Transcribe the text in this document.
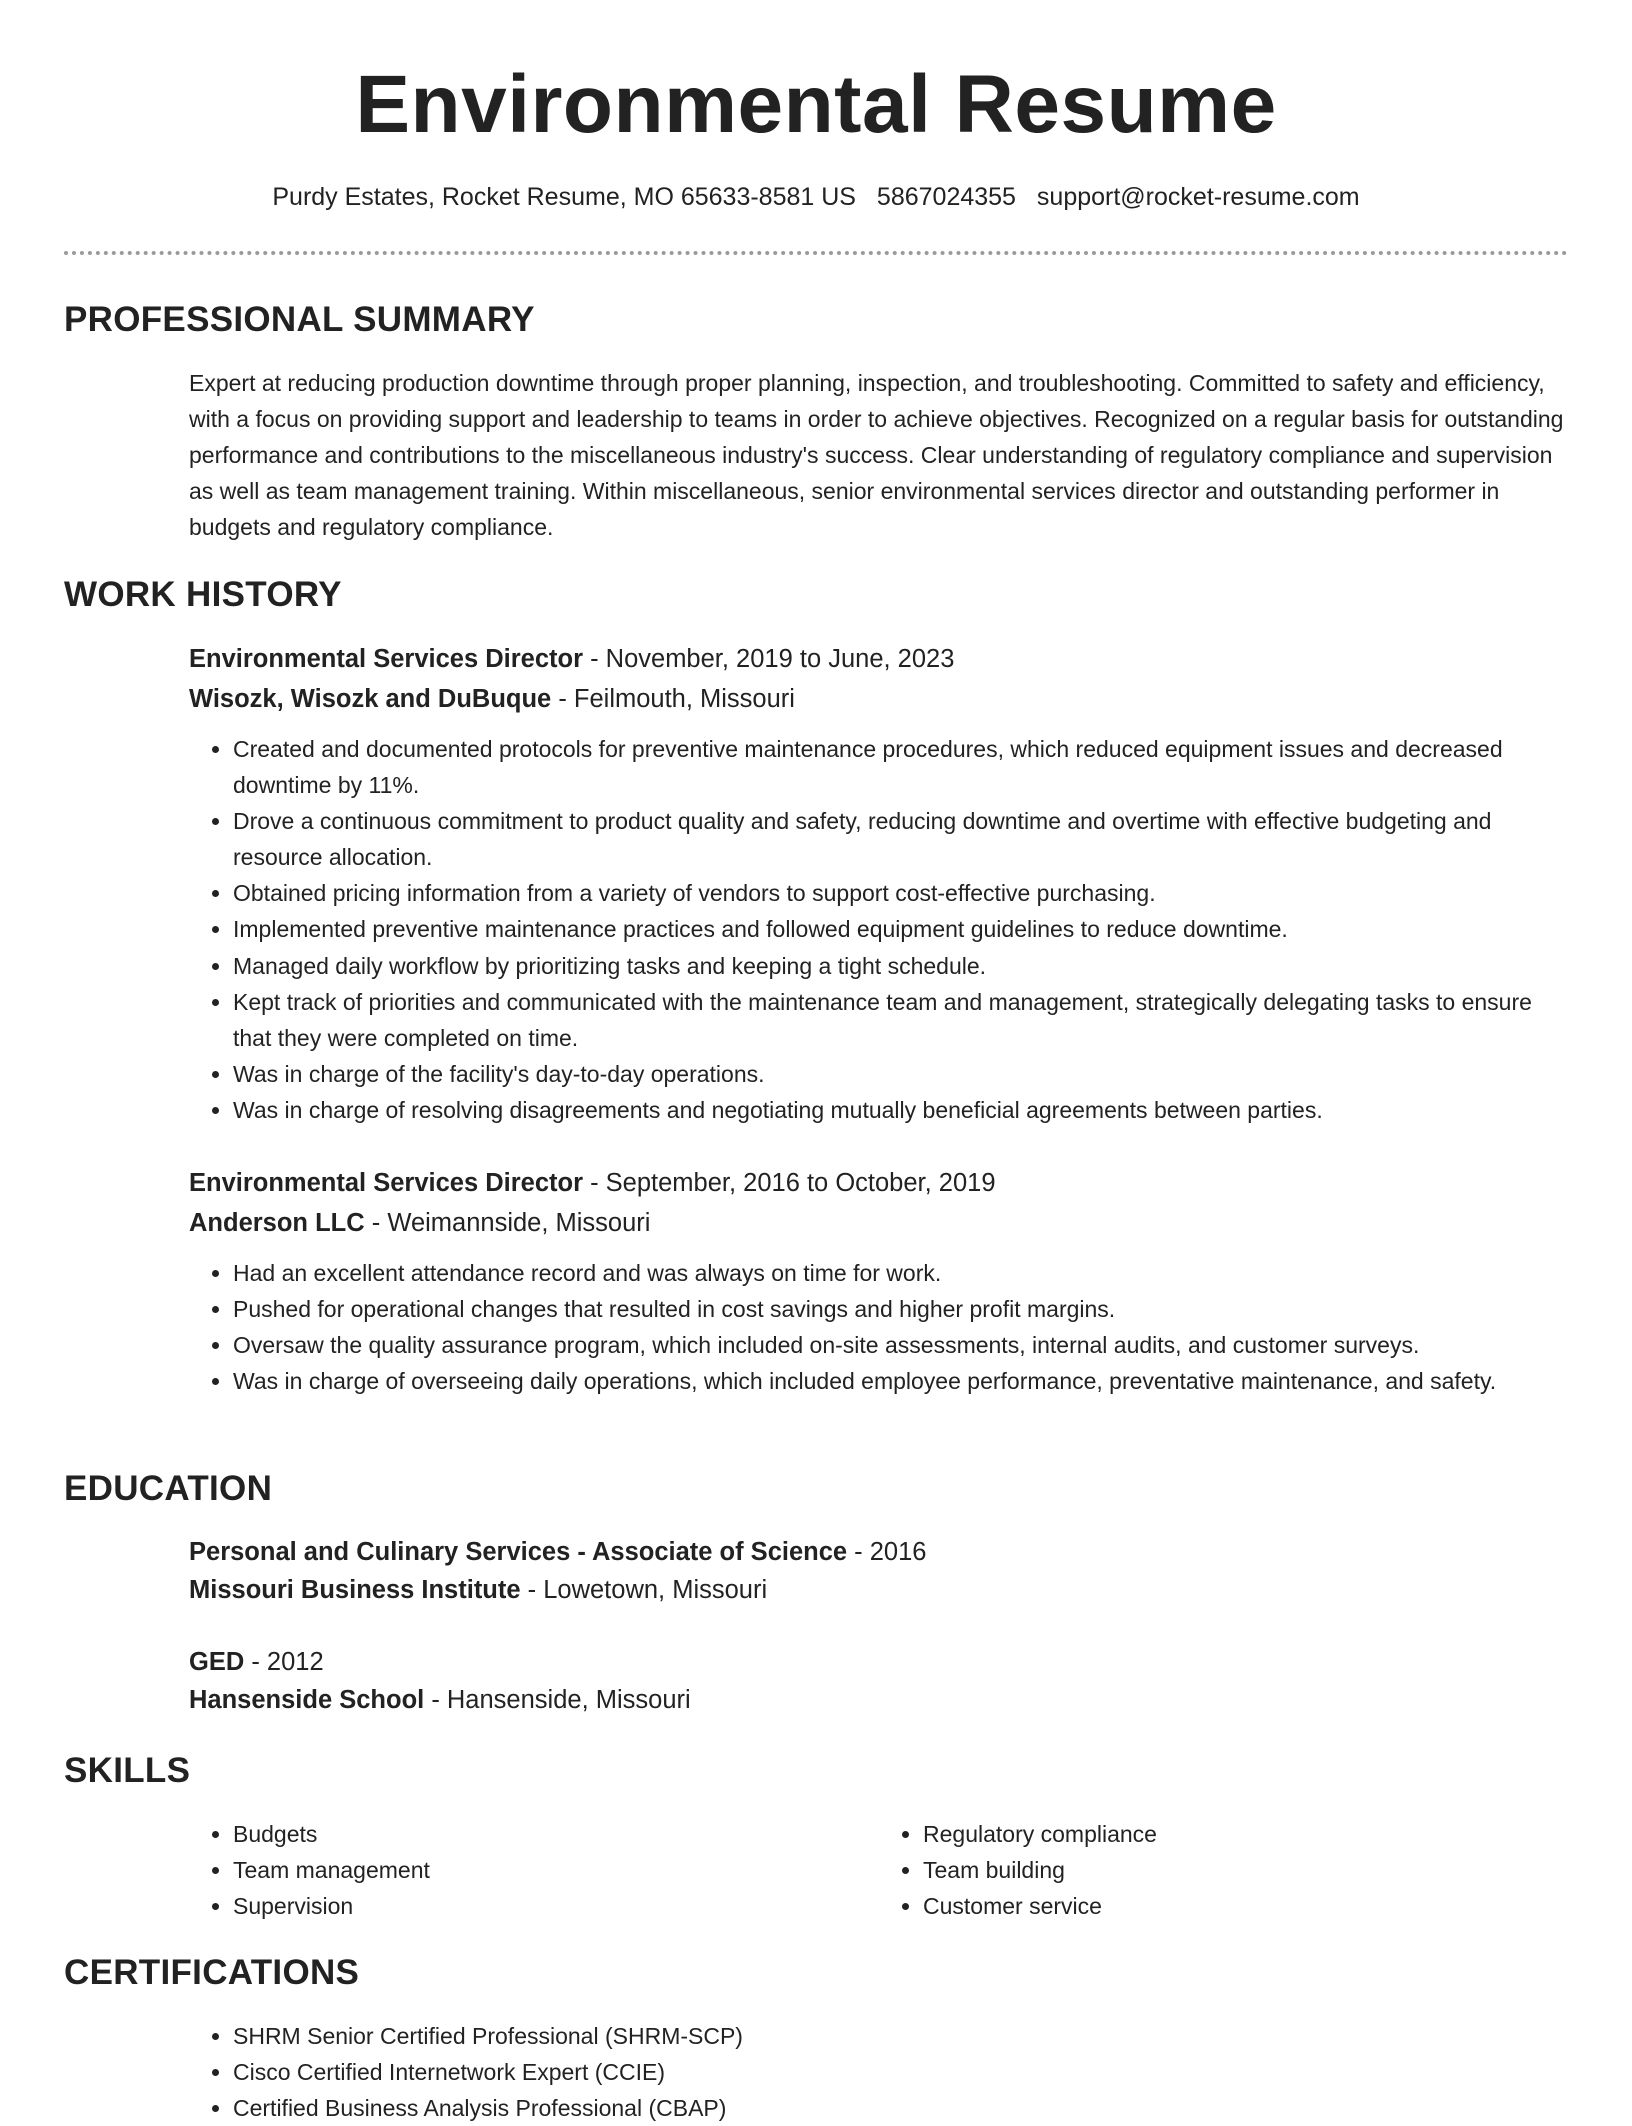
Environmental Resume
Purdy Estates, Rocket Resume, MO 65633-8581 US 5867024355 support@rocket-resume.com
PROFESSIONAL SUMMARY

Expert at reducing production downtime through proper planning, inspection, and troubleshooting. Committed to safety and efficiency, with a focus on providing support and leadership to teams in order to achieve objectives. Recognized on a regular basis for outstanding performance and contributions to the miscellaneous industry's success. Clear understanding of regulatory compliance and supervision as well as team management training. Within miscellaneous, senior environmental services director and outstanding performer in budgets and regulatory compliance.

WORK HISTORY

Environmental Services Director - November, 2019 to June, 2023

Wisozk, Wisozk and DuBuque - Feilmouth, Missouri

• Created and documented protocols for preventive maintenance procedures, which reduced equipment issues and decreased downtime by 11%.
• Drove a continuous commitment to product quality and safety, reducing downtime and overtime with effective budgeting and resource allocation.
• Obtained pricing information from a variety of vendors to support cost-effective purchasing.
• Implemented preventive maintenance practices and followed equipment guidelines to reduce downtime.
• Managed daily workflow by prioritizing tasks and keeping a tight schedule.
• Kept track of priorities and communicated with the maintenance team and management, strategically delegating tasks to ensure that they were completed on time.
• Was in charge of the facility's day-to-day operations.
• Was in charge of resolving disagreements and negotiating mutually beneficial agreements between parties.

Environmental Services Director - September, 2016 to October, 2019

Anderson LLC - Weimannside, Missouri

• Had an excellent attendance record and was always on time for work.
• Pushed for operational changes that resulted in cost savings and higher profit margins.
• Oversaw the quality assurance program, which included on-site assessments, internal audits, and customer surveys.
• Was in charge of overseeing daily operations, which included employee performance, preventative maintenance, and safety.
EDUCATION

Personal and Culinary Services - Associate of Science - 2016

Missouri Business Institute - Lowetown, Missouri

GED - 2012

Hansenside School - Hansenside, Missouri

SKILLS
• Budgets
• Team management
• Supervision
• Regulatory compliance
• Team building
• Customer service
CERTIFICATIONS
• SHRM Senior Certified Professional (SHRM-SCP)
• Cisco Certified Internetwork Expert (CCIE)
• Certified Business Analysis Professional (CBAP)
